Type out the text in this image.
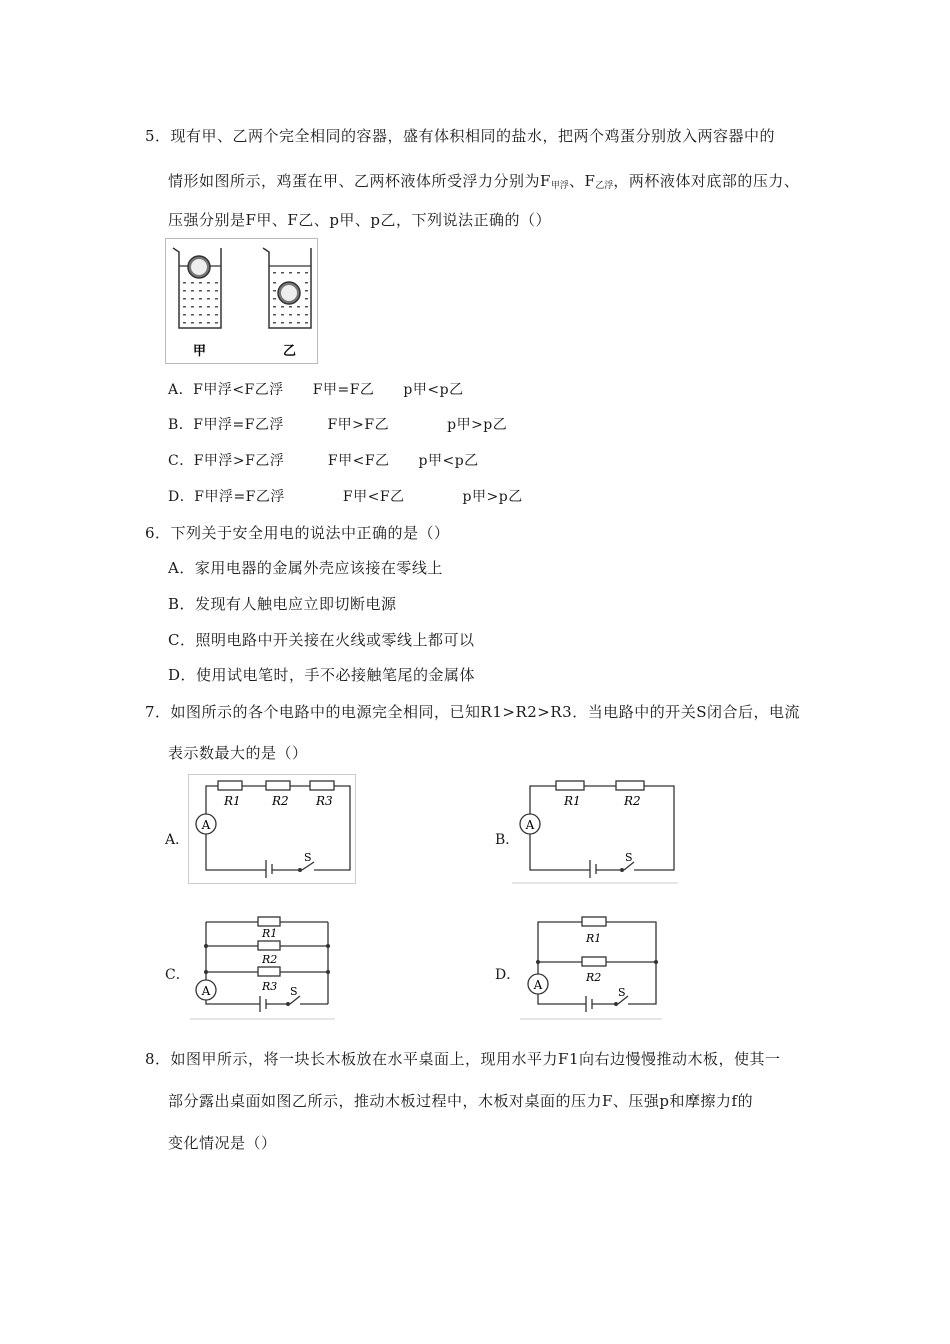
5．现有甲、乙两个完全相同的容器，盛有体积相同的盐水，把两个鸡蛋分别放入两容器中的
情形如图所示，鸡蛋在甲、乙两杯液体所受浮力分别为F甲浮、F乙浮，两杯液体对底部的压力、
压强分别是F甲、F乙、p甲、p乙，下列说法正确的（）
甲	乙
A．F甲浮<F乙浮　　F甲=F乙　　p甲<p乙
B．F甲浮=F乙浮　　　F甲>F乙　　　　p甲>p乙
C．F甲浮>F乙浮　　　F甲<F乙　　p甲<p乙
D．F甲浮=F乙浮　　　　F甲<F乙　　　　p甲>p乙
6．下列关于安全用电的说法中正确的是（）
A．家用电器的金属外壳应该接在零线上
B．发现有人触电应立即切断电源
C．照明电路中开关接在火线或零线上都可以
D．使用试电笔时，手不必接触笔尾的金属体
7．如图所示的各个电路中的电源完全相同，已知R1>R2>R3．当电路中的开关S闭合后，电流
表示数最大的是（）
A．
A
R1	R2 R3
S
B．
A
R1	R2
S
C．
A
R1
R2
R3 S
D．
A
R1
R2
S
8．如图甲所示，将一块长木板放在水平桌面上，现用水平力F1向右边慢慢推动木板，使其一
部分露出桌面如图乙所示，推动木板过程中，木板对桌面的压力F、压强p和摩擦力f的
变化情况是（）
